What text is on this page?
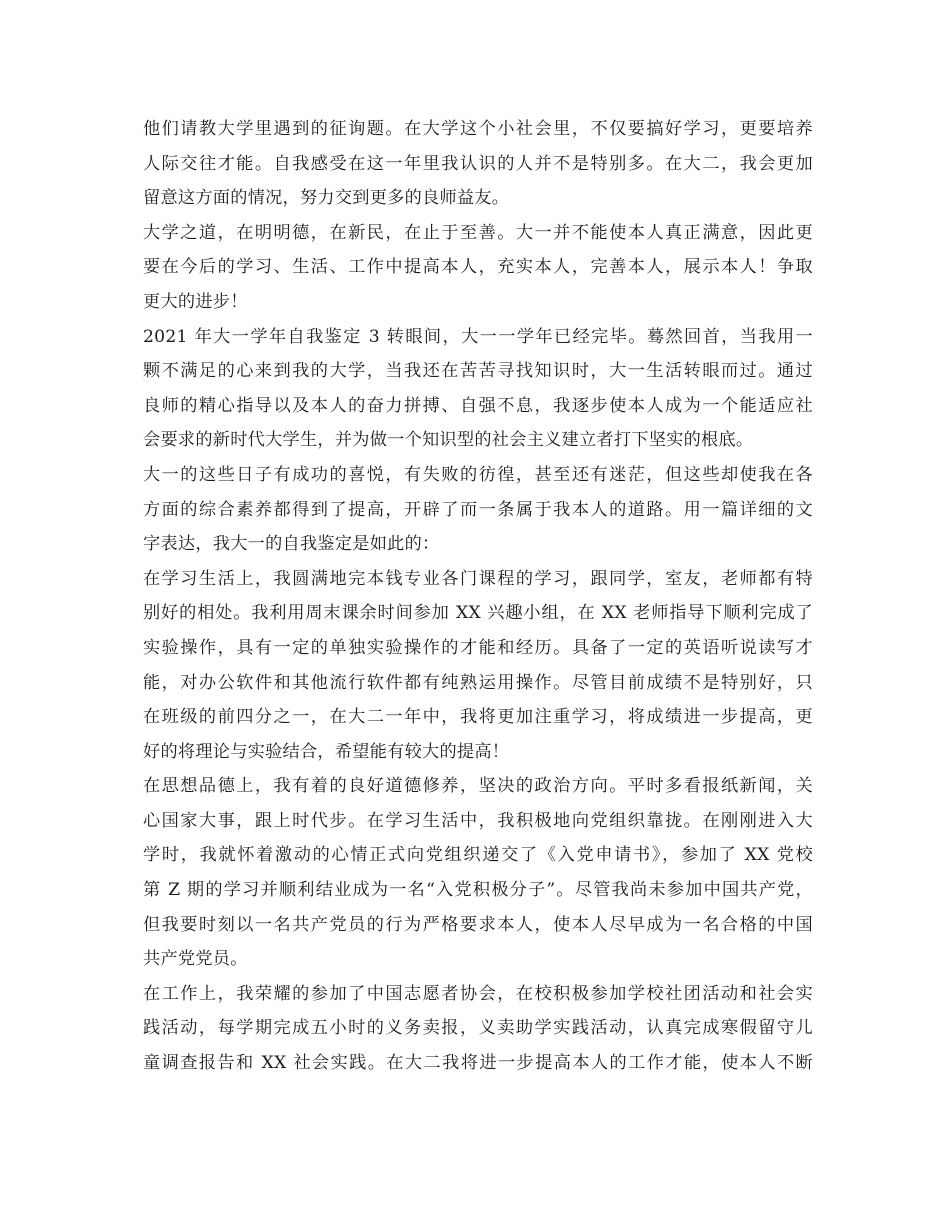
他们请教大学里遇到的征询题。在大学这个小社会里，不仅要搞好学习，更要培养
人际交往才能。自我感受在这一年里我认识的人并不是特别多。在大二，我会更加
留意这方面的情况，努力交到更多的良师益友。
大学之道，在明明德，在新民，在止于至善。大一并不能使本人真正满意，因此更
要在今后的学习、生活、工作中提高本人，充实本人，完善本人，展示本人！争取
更大的进步！
2021 年大一学年自我鉴定 3 转眼间，大一一学年已经完毕。蓦然回首，当我用一
颗不满足的心来到我的大学，当我还在苦苦寻找知识时，大一生活转眼而过。通过
良师的精心指导以及本人的奋力拼搏、自强不息，我逐步使本人成为一个能适应社
会要求的新时代大学生，并为做一个知识型的社会主义建立者打下坚实的根底。
大一的这些日子有成功的喜悦，有失败的彷徨，甚至还有迷茫，但这些却使我在各
方面的综合素养都得到了提高，开辟了而一条属于我本人的道路。用一篇详细的文
字表达，我大一的自我鉴定是如此的：
在学习生活上，我圆满地完本钱专业各门课程的学习，跟同学，室友，老师都有特
别好的相处。我利用周末课余时间参加 XX 兴趣小组，在 XX 老师指导下顺利完成了
实验操作，具有一定的单独实验操作的才能和经历。具备了一定的英语听说读写才
能，对办公软件和其他流行软件都有纯熟运用操作。尽管目前成绩不是特别好，只
在班级的前四分之一，在大二一年中，我将更加注重学习，将成绩进一步提高，更
好的将理论与实验结合，希望能有较大的提高！
在思想品德上，我有着的良好道德修养，坚决的政治方向。平时多看报纸新闻，关
心国家大事，跟上时代步。在学习生活中，我积极地向党组织靠拢。在刚刚进入大
学时，我就怀着激动的心情正式向党组织递交了《入党申请书》，参加了 XX 党校
第 Z 期的学习并顺利结业成为一名“入党积极分子”。尽管我尚未参加中国共产党，
但我要时刻以一名共产党员的行为严格要求本人，使本人尽早成为一名合格的中国
共产党党员。
在工作上，我荣耀的参加了中国志愿者协会，在校积极参加学校社团活动和社会实
践活动，每学期完成五小时的义务卖报，义卖助学实践活动，认真完成寒假留守儿
童调查报告和 XX 社会实践。在大二我将进一步提高本人的工作才能，使本人不断
